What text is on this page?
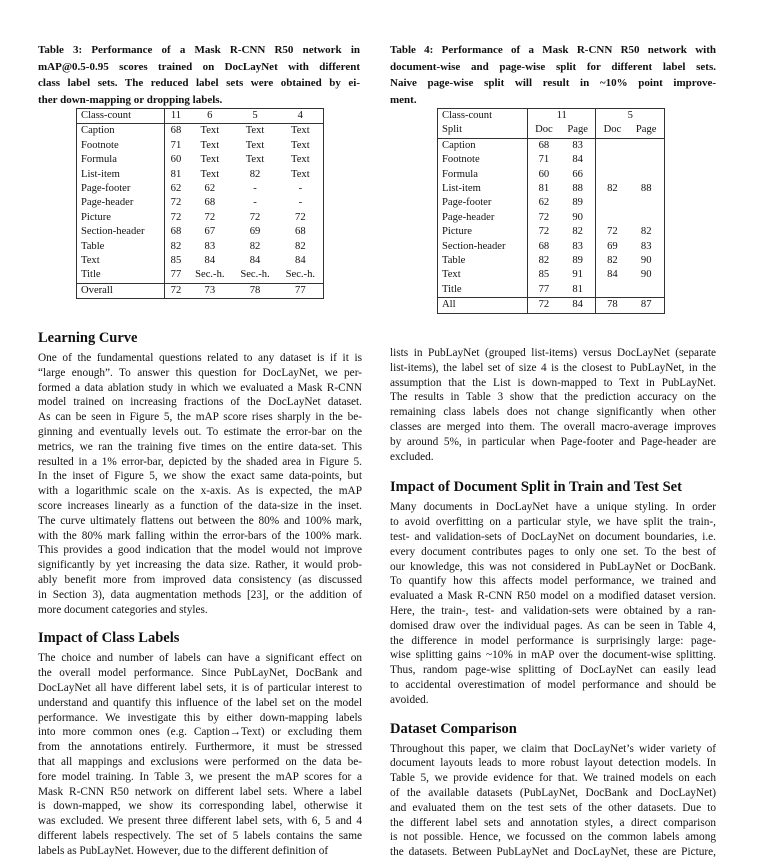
Table 3: Performance of a Mask R-CNN R50 network in
mAP@0.5-0.95 scores trained on DocLayNet with different
class label sets. The reduced label sets were obtained by ei-
ther down-mapping or dropping labels.
Table 4: Performance of a Mask R-CNN R50 network with
document-wise and page-wise split for different label sets.
Naive page-wise split will result in ~10% point improve-
ment.
Class-count	11	6	5	4
Caption	68	Text	Text	Text
Footnote	71	Text	Text	Text
Formula	60	Text	Text	Text
List-item	81	Text	82	Text
Page-footer	62	62	-	-
Page-header	72	68	-	-
Picture	72	72	72	72
Section-header	68	67	69	68
Table	82	83	82	82
Text	85	84	84	84
Title	77	Sec.-h.	Sec.-h.	Sec.-h.
Overall	72	73	78	77
Class-count	11		5	
Split	Doc	Page	Doc	Page
Caption	68	83		
Footnote	71	84		
Formula	60	66		
List-item	81	88	82	88
Page-footer	62	89		
Page-header	72	90		
Picture	72	82	72	82
Section-header	68	83	69	83
Table	82	89	82	90
Text	85	91	84	90
Title	77	81		
All	72	84	78	87
Learning Curve
One of the fundamental questions related to any dataset is if it is
“large enough”. To answer this question for DocLayNet, we per-
formed a data ablation study in which we evaluated a Mask R-CNN
model trained on increasing fractions of the DocLayNet dataset.
As can be seen in Figure 5, the mAP score rises sharply in the be-
ginning and eventually levels out. To estimate the error-bar on the
metrics, we ran the training five times on the entire data-set. This
resulted in a 1% error-bar, depicted by the shaded area in Figure 5.
In the inset of Figure 5, we show the exact same data-points, but
with a logarithmic scale on the x-axis. As is expected, the mAP
score increases linearly as a function of the data-size in the inset.
The curve ultimately flattens out between the 80% and 100% mark,
with the 80% mark falling within the error-bars of the 100% mark.
This provides a good indication that the model would not improve
significantly by yet increasing the data size. Rather, it would prob-
ably benefit more from improved data consistency (as discussed
in Section 3), data augmentation methods [23], or the addition of
more document categories and styles.
Impact of Class Labels
The choice and number of labels can have a significant effect on
the overall model performance. Since PubLayNet, DocBank and
DocLayNet all have different label sets, it is of particular interest to
understand and quantify this influence of the label set on the model
performance. We investigate this by either down-mapping labels
into more common ones (e.g. Caption→Text) or excluding them
from the annotations entirely. Furthermore, it must be stressed
that all mappings and exclusions were performed on the data be-
fore model training. In Table 3, we present the mAP scores for a
Mask R-CNN R50 network on different label sets. Where a label
is down-mapped, we show its corresponding label, otherwise it
was excluded. We present three different label sets, with 6, 5 and 4
different labels respectively. The set of 5 labels contains the same
labels as PubLayNet. However, due to the different definition of
lists in PubLayNet (grouped list-items) versus DocLayNet (separate
list-items), the label set of size 4 is the closest to PubLayNet, in the
assumption that the List is down-mapped to Text in PubLayNet.
The results in Table 3 show that the prediction accuracy on the
remaining class labels does not change significantly when other
classes are merged into them. The overall macro-average improves
by around 5%, in particular when Page-footer and Page-header are
excluded.
Impact of Document Split in Train and Test Set
Many documents in DocLayNet have a unique styling. In order
to avoid overfitting on a particular style, we have split the train-,
test- and validation-sets of DocLayNet on document boundaries, i.e.
every document contributes pages to only one set. To the best of
our knowledge, this was not considered in PubLayNet or DocBank.
To quantify how this affects model performance, we trained and
evaluated a Mask R-CNN R50 model on a modified dataset version.
Here, the train-, test- and validation-sets were obtained by a ran-
domised draw over the individual pages. As can be seen in Table 4,
the difference in model performance is surprisingly large: page-
wise splitting gains ~10% in mAP over the document-wise splitting.
Thus, random page-wise splitting of DocLayNet can easily lead
to accidental overestimation of model performance and should be
avoided.
Dataset Comparison
Throughout this paper, we claim that DocLayNet’s wider variety of
document layouts leads to more robust layout detection models. In
Table 5, we provide evidence for that. We trained models on each
of the available datasets (PubLayNet, DocBank and DocLayNet)
and evaluated them on the test sets of the other datasets. Due to
the different label sets and annotation styles, a direct comparison
is not possible. Hence, we focussed on the common labels among
the datasets. Between PubLayNet and DocLayNet, these are Picture,
